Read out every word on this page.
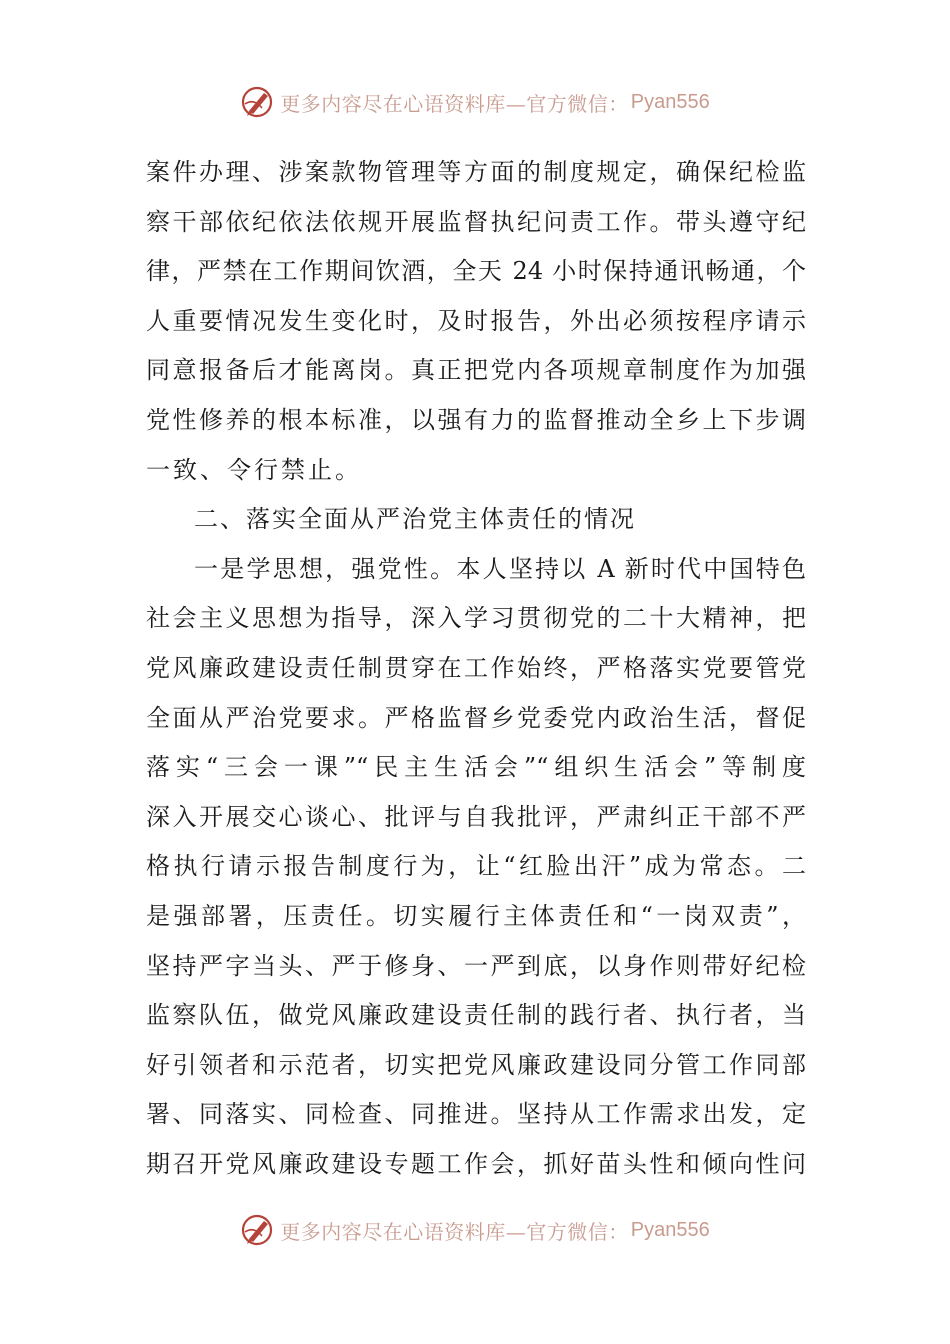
更多内容尽在心语资料库—官方微信： Pyan556
案件办理、涉案款物管理等方面的制度规定，确保纪检监
察干部依纪依法依规开展监督执纪问责工作。带头遵守纪
律，严禁在工作期间饮酒，全天 24 小时保持通讯畅通，个
人重要情况发生变化时，及时报告，外出必须按程序请示
同意报备后才能离岗。真正把党内各项规章制度作为加强
党性修养的根本标准，以强有力的监督推动全乡上下步调
一致、令行禁止。
二、落实全面从严治党主体责任的情况
一是学思想，强党性。本人坚持以 A 新时代中国特色
社会主义思想为指导，深入学习贯彻党的二十大精神，把
党风廉政建设责任制贯穿在工作始终，严格落实党要管党
全面从严治党要求。严格监督乡党委党内政治生活，督促
落实“三会一课”“民主生活会”“组织生活会”等制度
深入开展交心谈心、批评与自我批评，严肃纠正干部不严
格执行请示报告制度行为，让“红脸出汗”成为常态。二
是强部署，压责任。切实履行主体责任和“一岗双责”，
坚持严字当头、严于修身、一严到底，以身作则带好纪检
监察队伍，做党风廉政建设责任制的践行者、执行者，当
好引领者和示范者，切实把党风廉政建设同分管工作同部
署、同落实、同检查、同推进。坚持从工作需求出发，定
期召开党风廉政建设专题工作会，抓好苗头性和倾向性问
更多内容尽在心语资料库—官方微信： Pyan556
